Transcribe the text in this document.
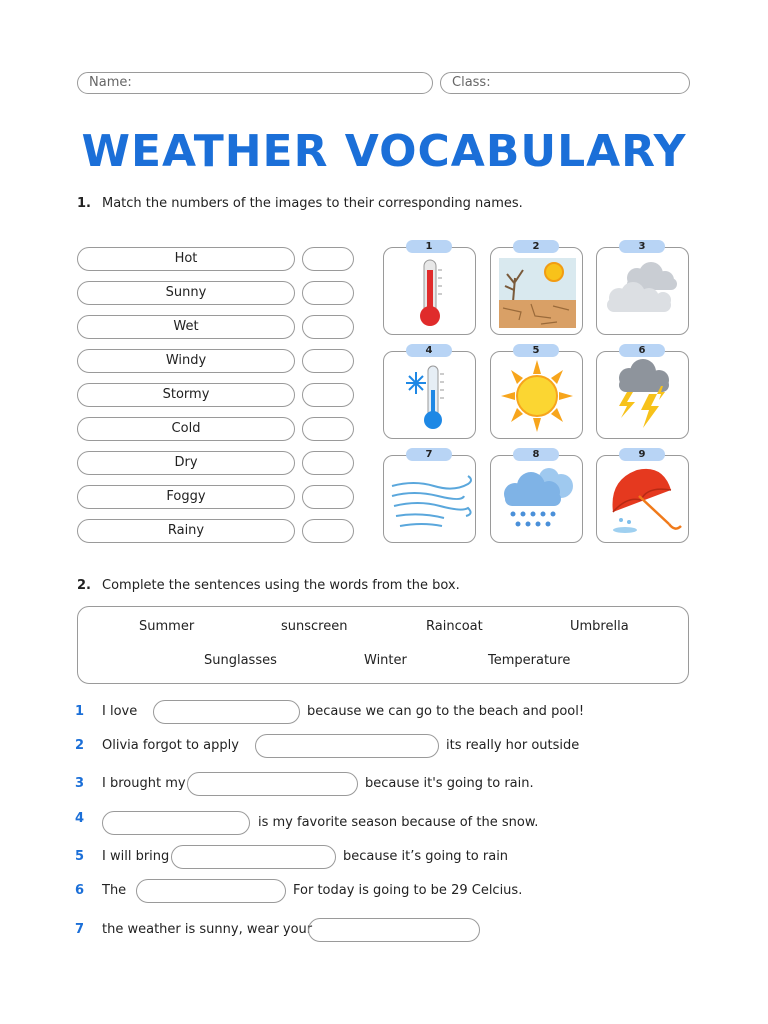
Name:	Class:
WEATHER VOCABULARY
1. Match the numbers of the images to their corresponding names.
Hot
Sunny
Wet
Windy
Stormy
Cold
Dry
Foggy
Rainy
1	2	3
4	5	6
7	8	9
2. Complete the sentences using the words from the box.
Summer	sunscreen	Raincoat	Umbrella
Sunglasses	Winter	Temperature
1 I love	because we can go to the beach and pool!
2 Olivia forgot to apply	its really hor outside
3 I brought my	because it's going to rain.
4	is my favorite season because of the snow.
5 I will bring	because it’s going to rain
6 The	For today is going to be 29 Celcius.
7 the weather is sunny, wear your
